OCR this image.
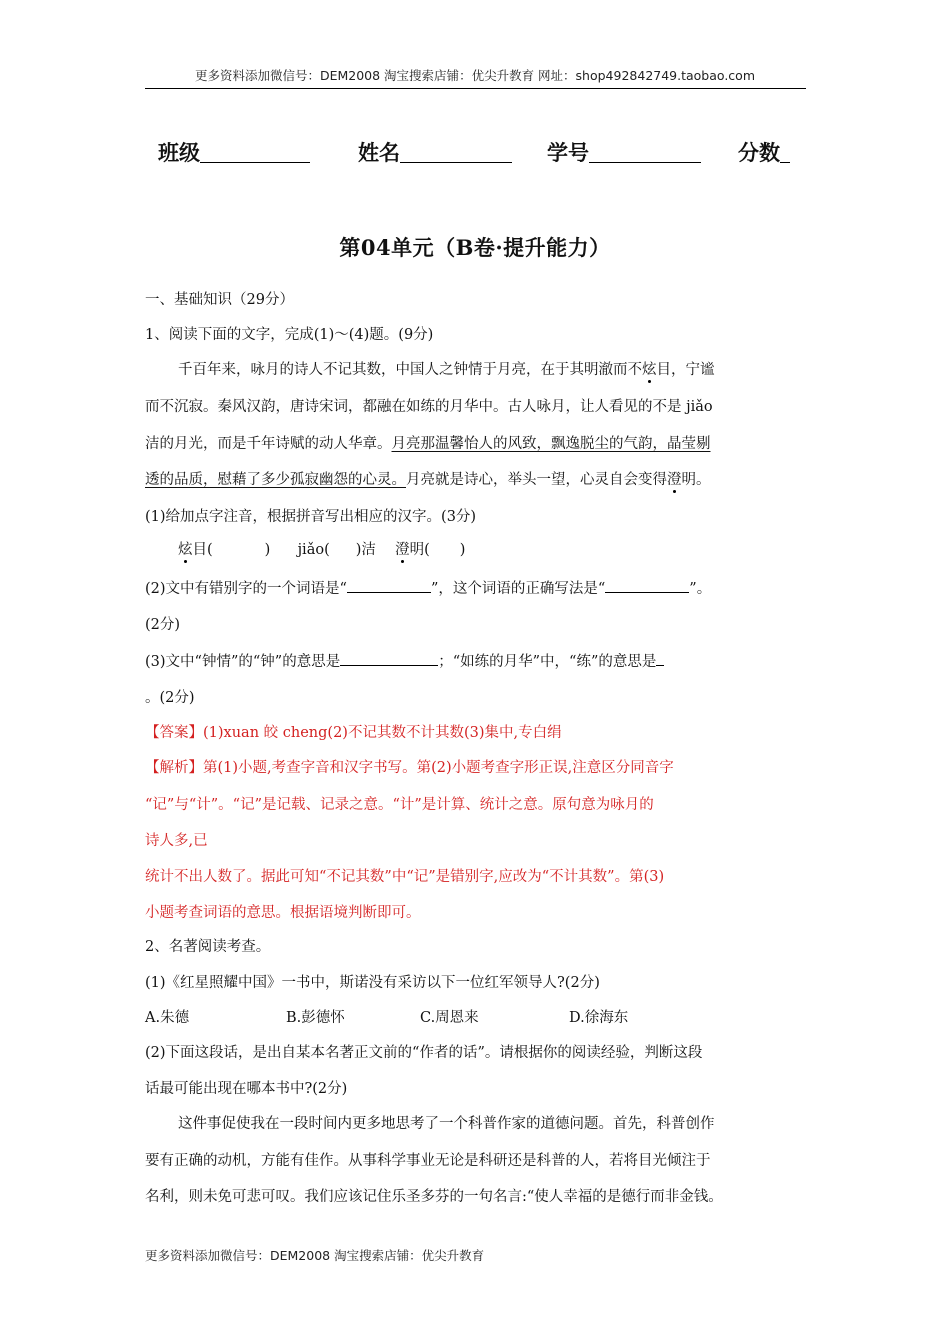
更多资料添加微信号：DEM2008 淘宝搜索店铺：优尖升教育 网址：shop492842749.taobao.com
班级	姓名	学号	分数
第04单元（B卷·提升能力）
一、基础知识（29分）
1、阅读下面的文字，完成(1)～(4)题。(9分)
千百年来，咏月的诗人不记其数，中国人之钟情于月亮，在于其明澈而不炫目，宁谧
而不沉寂。秦风汉韵，唐诗宋词，都融在如练的月华中。古人咏月，让人看见的不是 jiǎo
洁的月光，而是千年诗赋的动人华章。月亮那温馨怡人的风致，飘逸脱尘的气韵，晶莹剔
透的品质，慰藉了多少孤寂幽怨的心灵。月亮就是诗心，举头一望，心灵自会变得澄明。
(1)给加点字注音，根据拼音写出相应的汉字。(3分)
炫目(	) jiǎo( )洁 澄明( )
(2)文中有错别字的一个词语是“	”，这个词语的正确写法是“	”。
(2分)
(3)文中“钟情”的“钟”的意思是	；“如练的月华”中，“练”的意思是
。(2分)
【答案】(1)xuan 皎 cheng(2)不记其数不计其数(3)集中,专白绢
【解析】第(1)小题,考查字音和汉字书写。第(2)小题考查字形正误,注意区分同音字
“记”与“计”。“记”是记载、记录之意。“计”是计算、统计之意。原句意为咏月的
诗人多,已
统计不出人数了。据此可知“不记其数”中“记”是错别字,应改为“不计其数”。第(3)
小题考查词语的意思。根据语境判断即可。
2、名著阅读考查。
(1)《红星照耀中国》一书中，斯诺没有采访以下一位红军领导人?(2分)
A.朱德	B.彭德怀	C.周恩来	D.徐海东
(2)下面这段话，是出自某本名著正文前的“作者的话”。请根据你的阅读经验，判断这段
话最可能出现在哪本书中?(2分)
这件事促使我在一段时间内更多地思考了一个科普作家的道德问题。首先，科普创作
要有正确的动机，方能有佳作。从事科学事业无论是科研还是科普的人，若将目光倾注于
名利，则未免可悲可叹。我们应该记住乐圣多芬的一句名言:“使人幸福的是德行而非金钱。
更多资料添加微信号：DEM2008 淘宝搜索店铺：优尖升教育
